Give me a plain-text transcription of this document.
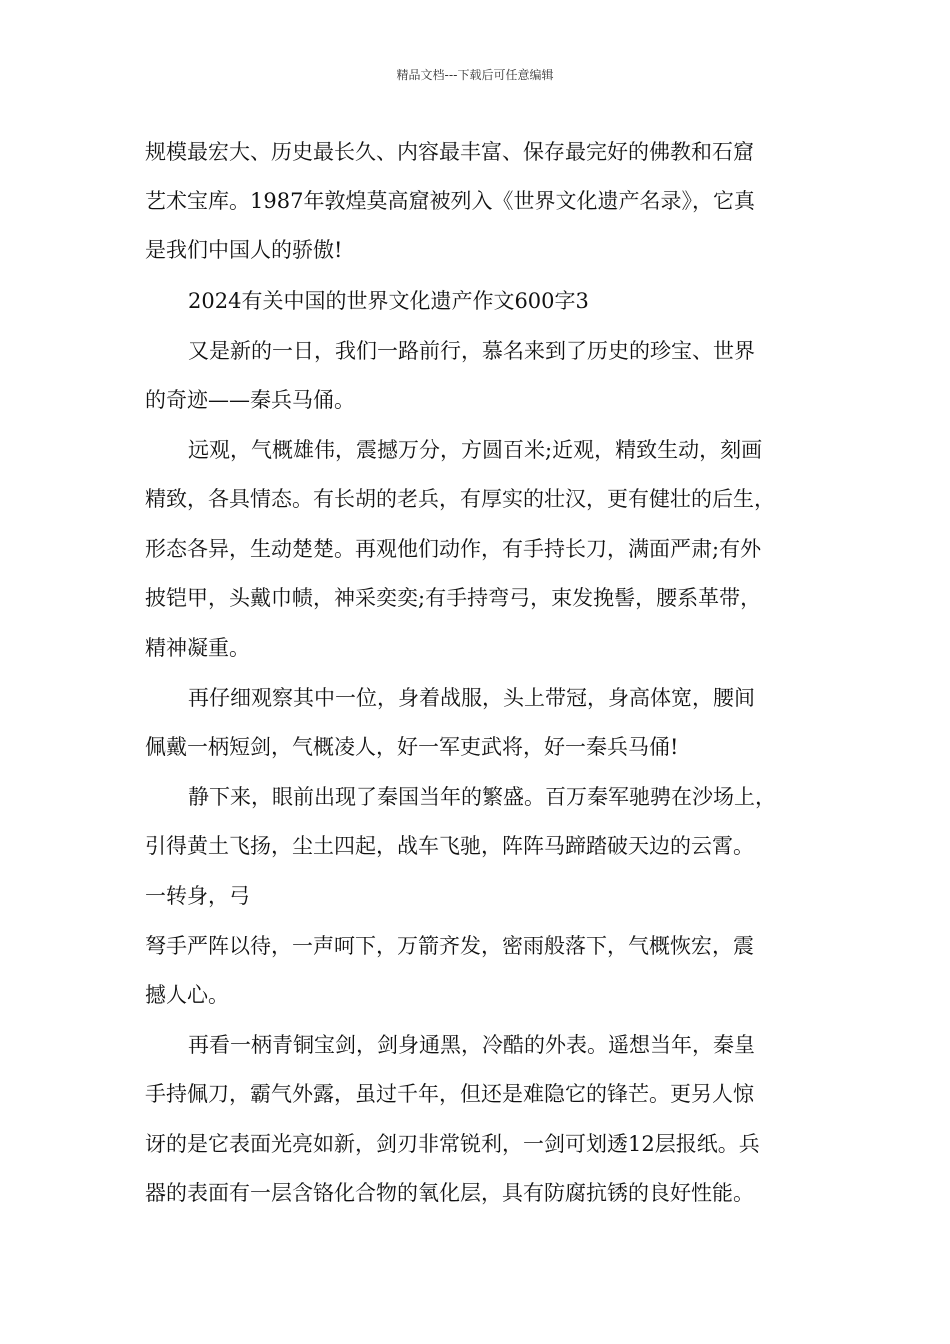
精品文档---下载后可任意编辑
规模最宏大、历史最长久、内容最丰富、保存最完好的佛教和石窟
艺术宝库。1987年敦煌莫高窟被列入《世界文化遗产名录》，它真
是我们中国人的骄傲!
2024有关中国的世界文化遗产作文600字3
又是新的一日，我们一路前行，慕名来到了历史的珍宝、世界
的奇迹——秦兵马俑。
远观，气概雄伟，震撼万分，方圆百米;近观，精致生动，刻画
精致，各具情态。有长胡的老兵，有厚实的壮汉，更有健壮的后生，
形态各异，生动楚楚。再观他们动作，有手持长刀，满面严肃;有外
披铠甲，头戴巾帻，神采奕奕;有手持弯弓，束发挽髻，腰系革带，
精神凝重。
再仔细观察其中一位，身着战服，头上带冠，身高体宽，腰间
佩戴一柄短剑，气概凌人，好一军吏武将，好一秦兵马俑!
静下来，眼前出现了秦国当年的繁盛。百万秦军驰骋在沙场上，
引得黄土飞扬，尘土四起，战车飞驰，阵阵马蹄踏破天边的云霄。
一转身，弓
弩手严阵以待，一声呵下，万箭齐发，密雨般落下，气概恢宏，震
撼人心。
再看一柄青铜宝剑，剑身通黑，冷酷的外表。遥想当年，秦皇
手持佩刀，霸气外露，虽过千年，但还是难隐它的锋芒。更另人惊
讶的是它表面光亮如新，剑刃非常锐利，一剑可划透12层报纸。兵
器的表面有一层含铬化合物的氧化层，具有防腐抗锈的良好性能。
